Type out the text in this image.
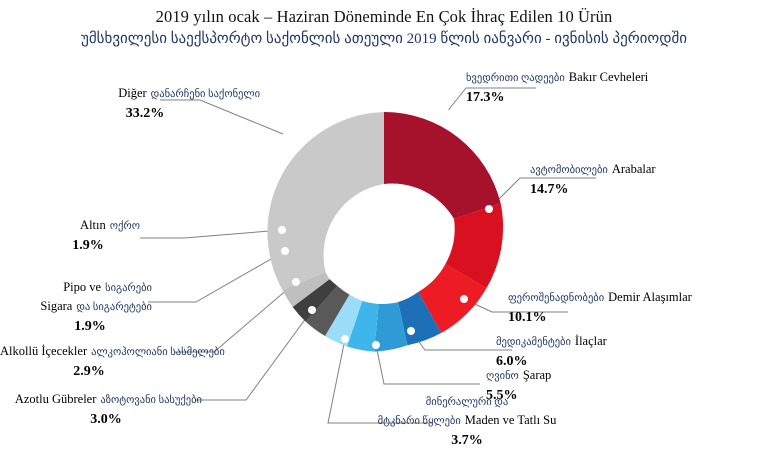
2019 yılın ocak – Haziran Döneminde En Çok İhraç Edilen 10 Ürün
უმსხვილესი საექსპორტო საქონლის ათეული 2019 წლის იანვარი - ივნისის პერიოდში
ხვედრითი ღადეები Bakır Cevheleri
17.3%
ავტომობილები Arabalar
14.7%
ფეროშენადნობები Demir Alaşımlar
10.1%
მედიკამენტები İlaçlar
6.0%
ღვინო Şarap
5.5%
მინერალური და
მტკნარი წყლები Maden ve Tatlı Su
3.7%
Azotlu Gübreler აზოტოვანი სასუქები
3.0%
Alkollü İçecekler ალკოჰოლიანი სასმელები
2.9%
Pipo ve სიგარები
Sigara და სიგარეტები
1.9%
Altın ოქრო
1.9%
Diğer დანარჩენი საქონელი
33.2%
